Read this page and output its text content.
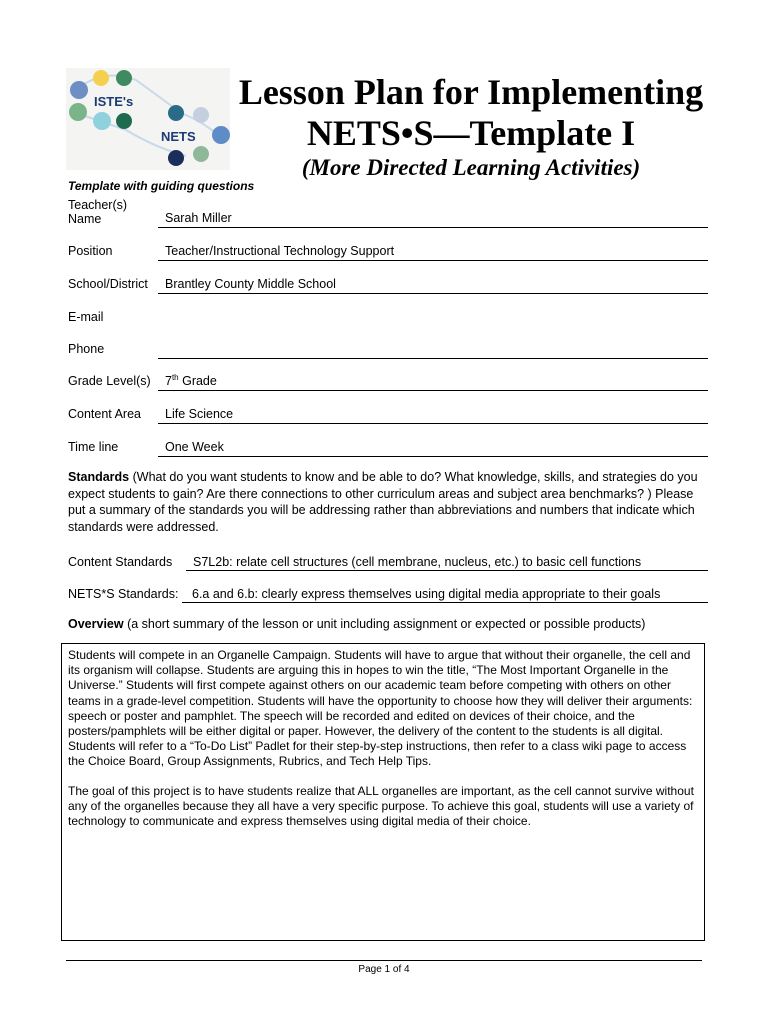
ISTE's
NETS
Lesson Plan for Implementing
NETS•S—Template I
(More Directed Learning Activities)
Template with guiding questions
Teacher(s)
Name	Sarah Miller
Position	Teacher/Instructional Technology Support
School/District Brantley County Middle School
E-mail
Phone
Grade Level(s) 7th Grade
Content Area Life Science
Time line	One Week
Standards (What do you want students to know and be able to do? What knowledge, skills, and strategies do you expect students to gain? Are there connections to other curriculum areas and subject area benchmarks? ) Please put a summary of the standards you will be addressing rather than abbreviations and numbers that indicate which standards were addressed.
Content Standards S7L2b: relate cell structures (cell membrane, nucleus, etc.) to basic cell functions
NETS*S Standards: 6.a and 6.b: clearly express themselves using digital media appropriate to their goals
Overview (a short summary of the lesson or unit including assignment or expected or possible products)

Students will compete in an Organelle Campaign. Students will have to argue that without their organelle, the cell and its organism will collapse. Students are arguing this in hopes to win the title, “The Most Important Organelle in the Universe.” Students will first compete against others on our academic team before competing with others on other teams in a grade-level competition. Students will have the opportunity to choose how they will deliver their arguments: speech or poster and pamphlet. The speech will be recorded and edited on devices of their choice, and the posters/pamphlets will be either digital or paper. However, the delivery of the content to the students is all digital. Students will refer to a “To-Do List” Padlet for their step-by-step instructions, then refer to a class wiki page to access the Choice Board, Group Assignments, Rubrics, and Tech Help Tips.

The goal of this project is to have students realize that ALL organelles are important, as the cell cannot survive without any of the organelles because they all have a very specific purpose. To achieve this goal, students will use a variety of technology to communicate and express themselves using digital media of their choice.

Page 1 of 4
